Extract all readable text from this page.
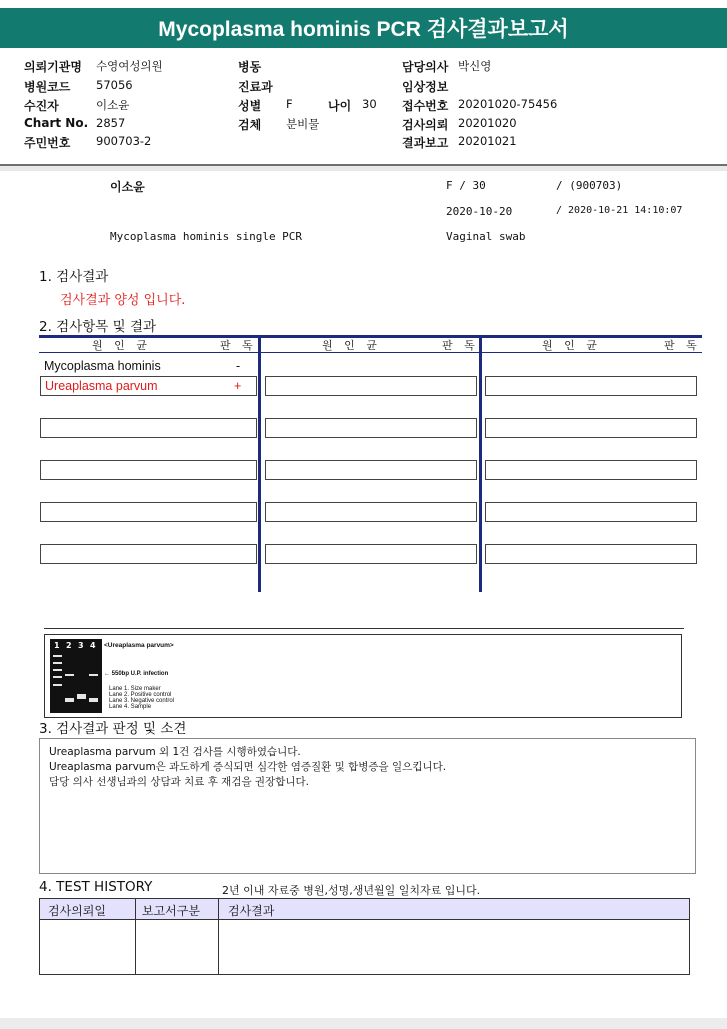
Mycoplasma hominis PCR 검사결과보고서
의뢰기관명 수영여성의원
병원코드 57056
수진자	이소윤
Chart No. 2857
주민번호 900703-2
병동
진료과
성별 F	나이 30
검체 분비물
담당의사 박신영
임상정보
접수번호 20201020-75456
검사의뢰 20201020
결과보고 20201021
이소윤	F / 30	/ (900703)
2020-10-20	/ 2020-10-21 14:10:07
Mycoplasma hominis single PCR	Vaginal swab
1. 검사결과
검사결과 양성 입니다.
2. 검사항목 및 결과
원 인 균	판 독	원 인 균	판 독	원 인 균	판 독
Mycoplasma hominis	-
Ureaplasma parvum	+
1 2 3 4 <Ureaplasma parvum>
← 550bp U.P. infection
Lane 1. Size maker
Lane 2. Positive control
Lane 3. Negative control
Lane 4. Sample
3. 검사결과 판정 및 소견
Ureaplasma parvum 외 1건 검사를 시행하였습니다.
Ureaplasma parvum은 과도하게 증식되면 심각한 염증질환 및 합병증을 일으킵니다.
담당 의사 선생님과의 상담과 치료 후 재검을 권장합니다.
4. TEST HISTORY	2년 이내 자료중 병원,성명,생년월일 일치자료 입니다.
검사의뢰일	보고서구분 검사결과
